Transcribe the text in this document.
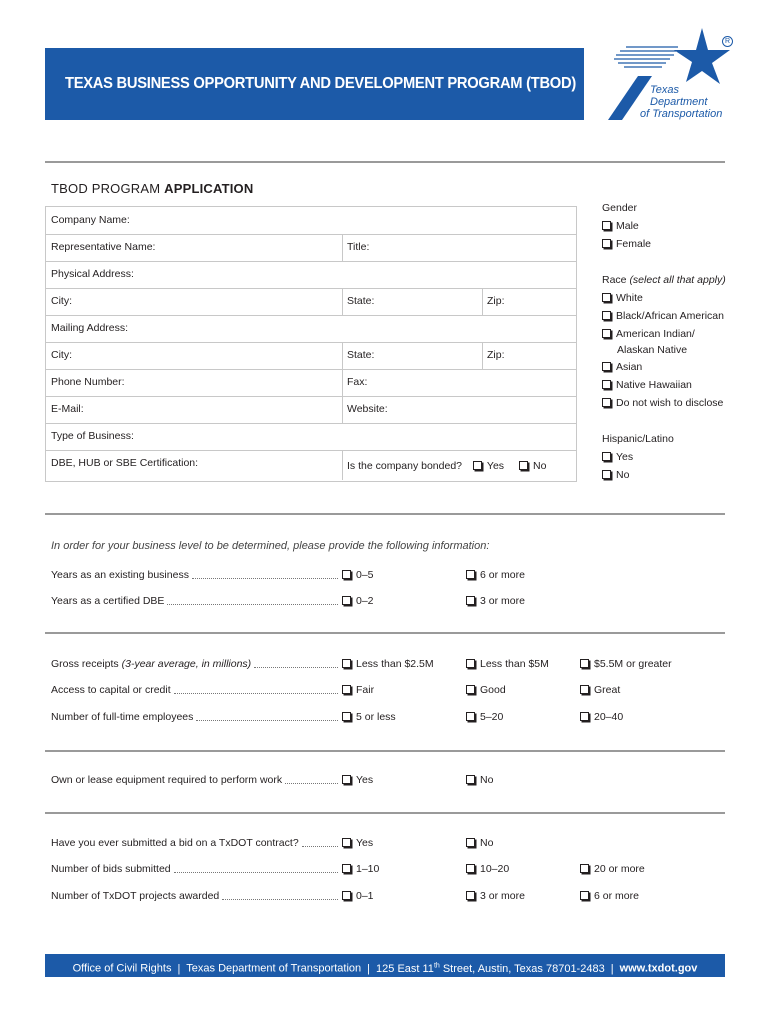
TEXAS BUSINESS OPPORTUNITY AND DEVELOPMENT PROGRAM (TBOD)	Texas
Department
of Transportation
R
TBOD PROGRAM APPLICATION
Company Name:
Representative Name:	Title:
Physical Address:
City:	State:	Zip:
Mailing Address:
City:	State:	Zip:
Phone Number:	Fax:
E-Mail:	Website:
Type of Business:
DBE, HUB or SBE Certification:	Is the company bonded? Yes	No
Gender
Male
Female
Race (select all that apply)
White
Black/African American
American Indian/
Alaskan Native
Asian
Native Hawaiian
Do not wish to disclose
Hispanic/Latino
Yes
No
In order for your business level to be determined, please provide the following information:
Years as an existing business	0–5	6 or more
Years as a certified DBE	0–2	3 or more
Gross receipts (3-year average, in millions)	Less than $2.5M	Less than $5M	$5.5M or greater
Access to capital or credit	Fair	Good	Great
Number of full-time employees	5 or less	5–20	20–40
Own or lease equipment required to perform work	Yes	No
Have you ever submitted a bid on a TxDOT contract?	Yes	No
Number of bids submitted	1–10	10–20	20 or more
Number of TxDOT projects awarded	0–1	3 or more	6 or more
Office of Civil Rights | Texas Department of Transportation | 125 East 11th Street, Austin, Texas 78701-2483 | www.txdot.gov
